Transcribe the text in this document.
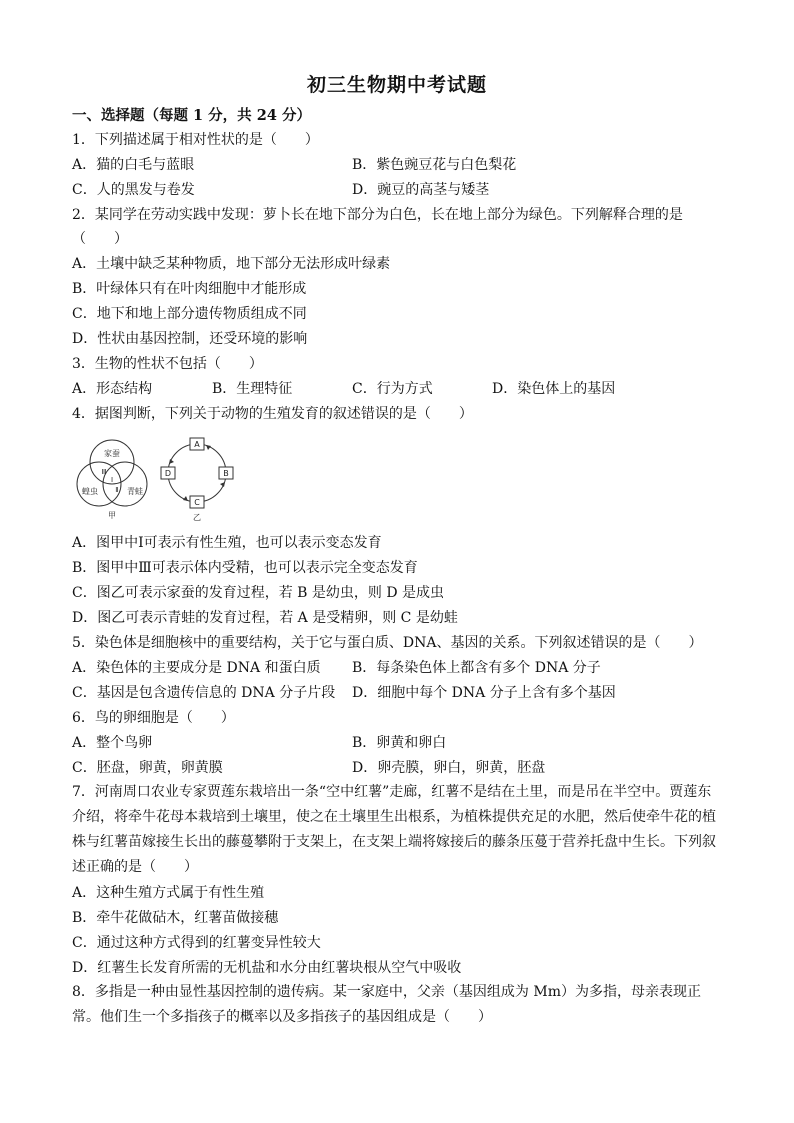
初三生物期中考试题
一、选择题（每题 1 分，共 24 分）
1．下列描述属于相对性状的是（　　）
A．猫的白毛与蓝眼	B．紫色豌豆花与白色梨花
C．人的黑发与卷发	D．豌豆的高茎与矮茎
2．某同学在劳动实践中发现：萝卜长在地下部分为白色，长在地上部分为绿色。下列解释合理的是
（　　）
A．土壤中缺乏某种物质，地下部分无法形成叶绿素
B．叶绿体只有在叶肉细胞中才能形成
C．地下和地上部分遗传物质组成不同
D．性状由基因控制，还受环境的影响
3．生物的性状不包括（　　）
A．形态结构	B．生理特征	C．行为方式	D．染色体上的基因
4．据图判断，下列关于动物的生殖发育的叙述错误的是（　　）
家蚕
蝗虫	青蛙
Ⅲ
Ⅰ
Ⅱ
甲
A
B
C
D
乙
A．图甲中Ⅰ可表示有性生殖，也可以表示变态发育
B．图甲中Ⅲ可表示体内受精，也可以表示完全变态发育
C．图乙可表示家蚕的发育过程，若 B 是幼虫，则 D 是成虫
D．图乙可表示青蛙的发育过程，若 A 是受精卵，则 C 是幼蛙
5．染色体是细胞核中的重要结构，关于它与蛋白质、DNA、基因的关系。下列叙述错误的是（　　）
A．染色体的主要成分是 DNA 和蛋白质 B．每条染色体上都含有多个 DNA 分子
C．基因是包含遗传信息的 DNA 分子片段 D．细胞中每个 DNA 分子上含有多个基因
6．鸟的卵细胞是（　　）
A．整个鸟卵	B．卵黄和卵白
C．胚盘，卵黄，卵黄膜	D．卵壳膜，卵白，卵黄，胚盘
7．河南周口农业专家贾莲东栽培出一条“空中红薯”走廊，红薯不是结在土里，而是吊在半空中。贾莲东介绍，将牵牛花母本栽培到土壤里，使之在土壤里生出根系，为植株提供充足的水肥，然后使牵牛花的植株与红薯苗嫁接生长出的藤蔓攀附于支架上，在支架上端将嫁接后的藤条压蔓于营养托盘中生长。下列叙述正确的是（　　）
A．这种生殖方式属于有性生殖
B．牵牛花做砧木，红薯苗做接穗
C．通过这种方式得到的红薯变异性较大
D．红薯生长发育所需的无机盐和水分由红薯块根从空气中吸收
8．多指是一种由显性基因控制的遗传病。某一家庭中，父亲（基因组成为 Mm）为多指，母亲表现正常。他们生一个多指孩子的概率以及多指孩子的基因组成是（　　）
